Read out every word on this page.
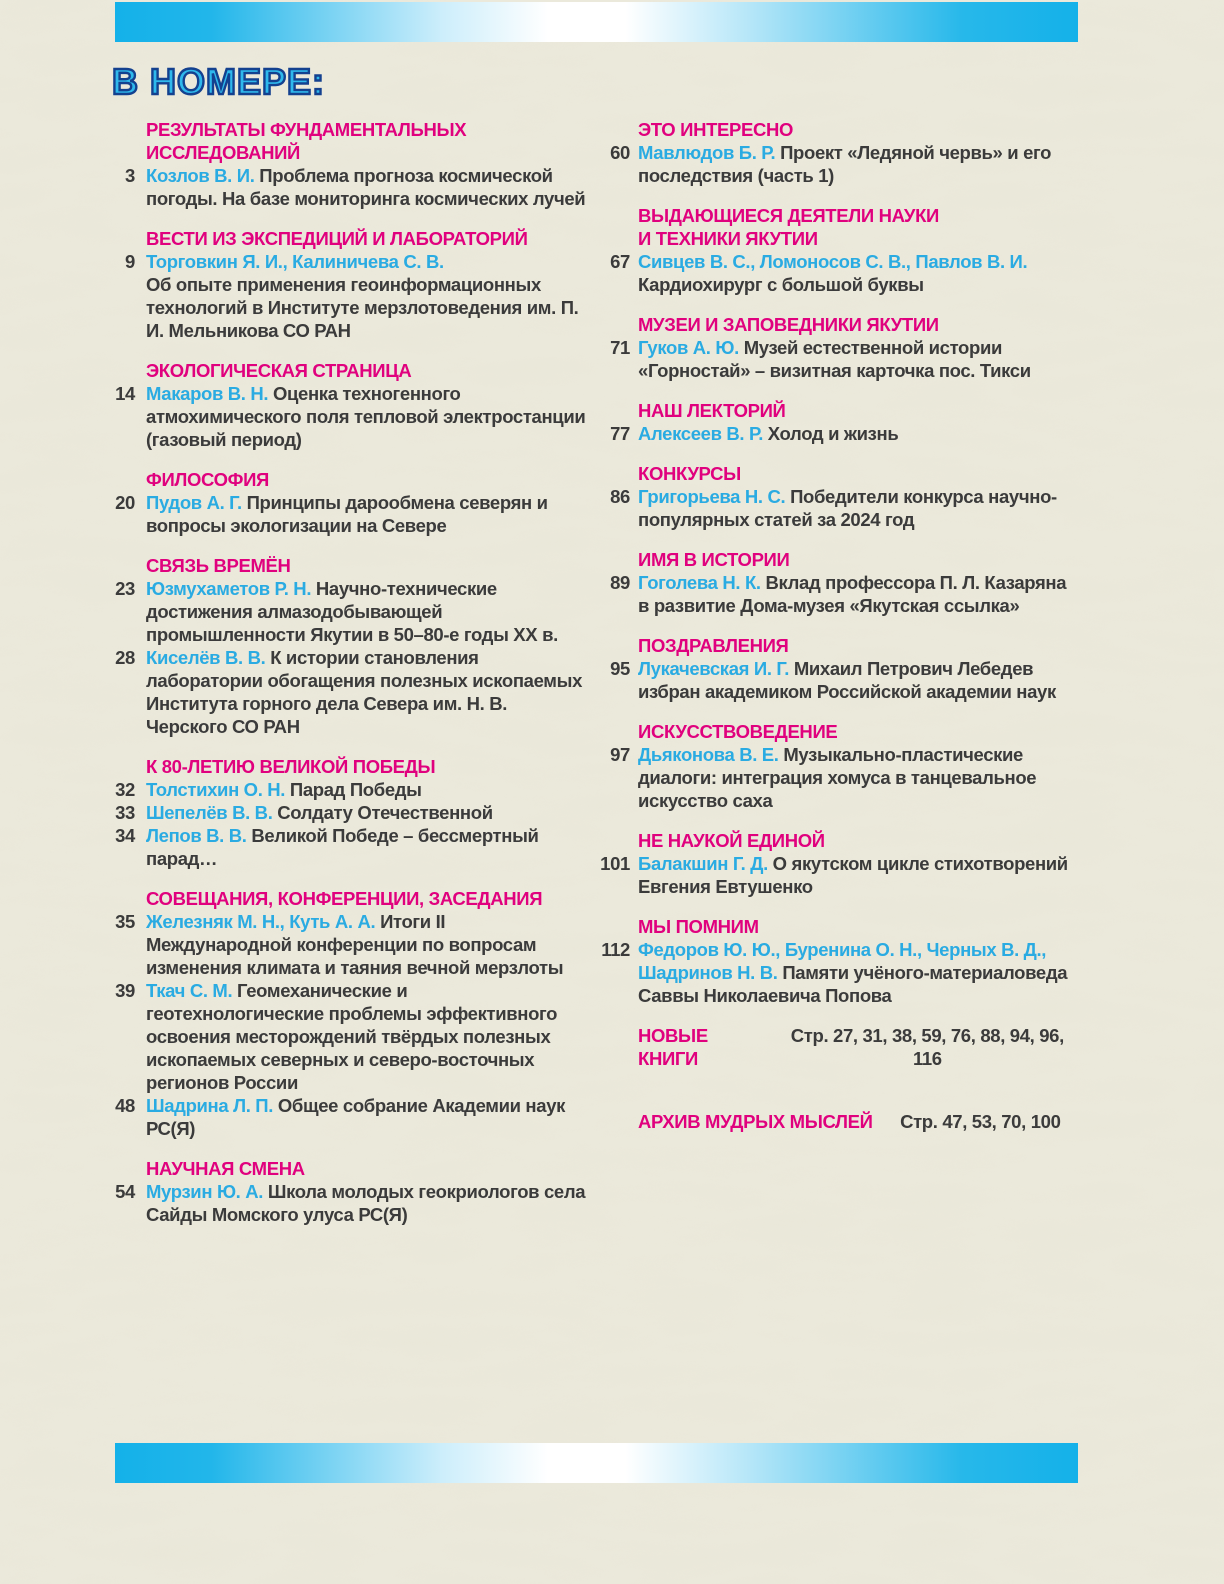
В НОМЕРЕ:
РЕЗУЛЬТАТЫ ФУНДАМЕНТАЛЬНЫХ
ИССЛЕДОВАНИЙ
3 Козлов В. И. Проблема прогноза космической погоды. На базе мониторинга космических лучей
ВЕСТИ ИЗ ЭКСПЕДИЦИЙ И ЛАБОРАТОРИЙ
9 Торговкин Я. И., Калиничева С. В.
Об опыте применения геоинформационных технологий в Институте мерзлотоведения им. П. И. Мельникова СО РАН
ЭКОЛОГИЧЕСКАЯ СТРАНИЦА
14 Макаров В. Н. Оценка техногенного атмохимического поля тепловой электростанции (газовый период)
ФИЛОСОФИЯ
20 Пудов А. Г. Принципы дарообмена северян и вопросы экологизации на Севере
СВЯЗЬ ВРЕМЁН
23 Юзмухаметов Р. Н. Научно-технические достижения алмазодобывающей промышленности Якутии в 50–80-е годы XX в.
28 Киселёв В. В. К истории становления лаборатории обогащения полезных ископаемых Института горного дела Севера им. Н. В. Черского СО РАН
К 80-ЛЕТИЮ ВЕЛИКОЙ ПОБЕДЫ
32 Толстихин О. Н. Парад Победы
33 Шепелёв В. В. Солдату Отечественной
34 Лепов В. В. Великой Победе – бессмертный парад…
СОВЕЩАНИЯ, КОНФЕРЕНЦИИ, ЗАСЕДАНИЯ
35 Железняк М. Н., Куть А. А. Итоги II Международной конференции по вопросам изменения климата и таяния вечной мерзлоты
39 Ткач С. М. Геомеханические и геотехнологические проблемы эффективного освоения месторождений твёрдых полезных ископаемых северных и северо-восточных регионов России
48 Шадрина Л. П. Общее собрание Академии наук РС(Я)
НАУЧНАЯ СМЕНА
54 Мурзин Ю. А. Школа молодых геокриологов села Сайды Момского улуса РС(Я)
ЭТО ИНТЕРЕСНО
60 Мавлюдов Б. Р. Проект «Ледяной червь» и его последствия (часть 1)
ВЫДАЮЩИЕСЯ ДЕЯТЕЛИ НАУКИ
И ТЕХНИКИ ЯКУТИИ
67 Сивцев В. С., Ломоносов С. В., Павлов В. И.
Кардиохирург с большой буквы
МУЗЕИ И ЗАПОВЕДНИКИ ЯКУТИИ
71 Гуков А. Ю. Музей естественной истории «Горностай» – визитная карточка пос. Тикси
НАШ ЛЕКТОРИЙ
77 Алексеев В. Р. Холод и жизнь
КОНКУРСЫ
86 Григорьева Н. С. Победители конкурса научно-популярных статей за 2024 год
ИМЯ В ИСТОРИИ
89 Гоголева Н. К. Вклад профессора П. Л. Казаряна в развитие Дома-музея «Якутская ссылка»
ПОЗДРАВЛЕНИЯ
95 Лукачевская И. Г. Михаил Петрович Лебедев избран академиком Российской академии наук
ИСКУССТВОВЕДЕНИЕ
97 Дьяконова В. Е. Музыкально-пластические диалоги: интеграция хомуса в танцевальное искусство саха
НЕ НАУКОЙ ЕДИНОЙ
101 Балакшин Г. Д. О якутском цикле стихотворений Евгения Евтушенко
МЫ ПОМНИМ
112 Федоров Ю. Ю., Буренина О. Н., Черных В. Д., Шадринов Н. В. Памяти учёного-материаловеда Саввы Николаевича Попова
НОВЫЕ КНИГИ
Стр. 27, 31, 38, 59, 76, 88, 94, 96, 116
АРХИВ МУДРЫХ МЫСЛЕЙ	Стр. 47, 53, 70, 100
